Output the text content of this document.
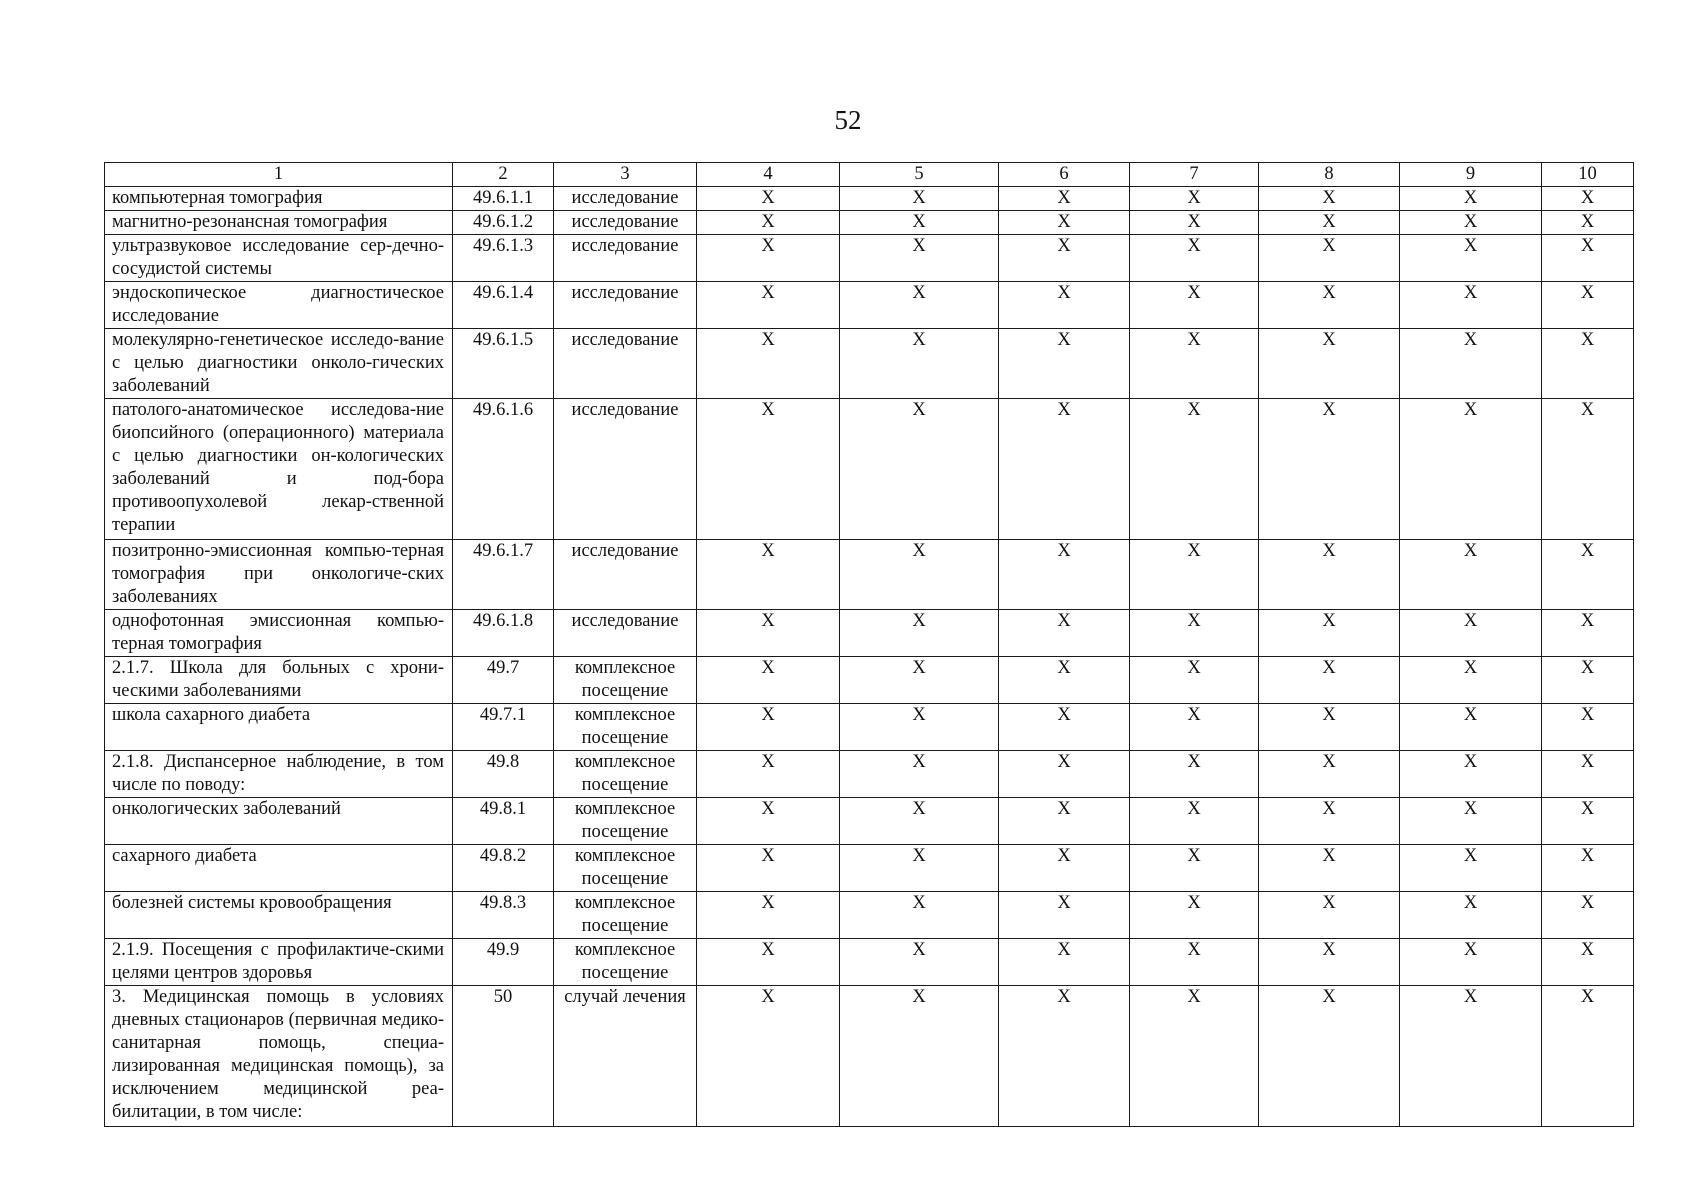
52
1	2	3	4	5	6	7	8	9	10
компьютерная томография	49.6.1.1	исследование	X	X	X	X	X	X	X
магнитно-резонансная томография	49.6.1.2	исследование	X	X	X	X	X	X	X
ультразвуковое исследование сер-дечно-сосудистой системы	49.6.1.3	исследование	X	X	X	X	X	X	X
эндоскопическое диагностическое исследование	49.6.1.4	исследование	X	X	X	X	X	X	X
молекулярно-генетическое исследо-вание с целью диагностики онколо-гических заболеваний	49.6.1.5	исследование	X	X	X	X	X	X	X
патолого-анатомическое исследова-ние биопсийного (операционного) материала с целью диагностики он-кологических заболеваний и под-бора противоопухолевой лекар-ственной терапии	49.6.1.6	исследование	X	X	X	X	X	X	X
позитронно-эмиссионная компью-терная томография при онкологиче-ских заболеваниях	49.6.1.7	исследование	X	X	X	X	X	X	X
однофотонная эмиссионная компью-терная томография	49.6.1.8	исследование	X	X	X	X	X	X	X
2.1.7. Школа для больных с хрони-ческими заболеваниями	49.7	комплексное посещение	X	X	X	X	X	X	X
школа сахарного диабета	49.7.1	комплексное посещение	X	X	X	X	X	X	X
2.1.8. Диспансерное наблюдение, в том числе по поводу:	49.8	комплексное посещение	X	X	X	X	X	X	X
онкологических заболеваний	49.8.1	комплексное посещение	X	X	X	X	X	X	X
сахарного диабета	49.8.2	комплексное посещение	X	X	X	X	X	X	X
болезней системы кровообращения	49.8.3	комплексное посещение	X	X	X	X	X	X	X
2.1.9. Посещения с профилактиче-скими целями центров здоровья	49.9	комплексное посещение	X	X	X	X	X	X	X
3. Медицинская помощь в условиях дневных стационаров (первичная медико-санитарная помощь, специа-лизированная медицинская помощь), за исключением медицинской реа-билитации, в том числе:	50	случай лечения	X	X	X	X	X	X	X
